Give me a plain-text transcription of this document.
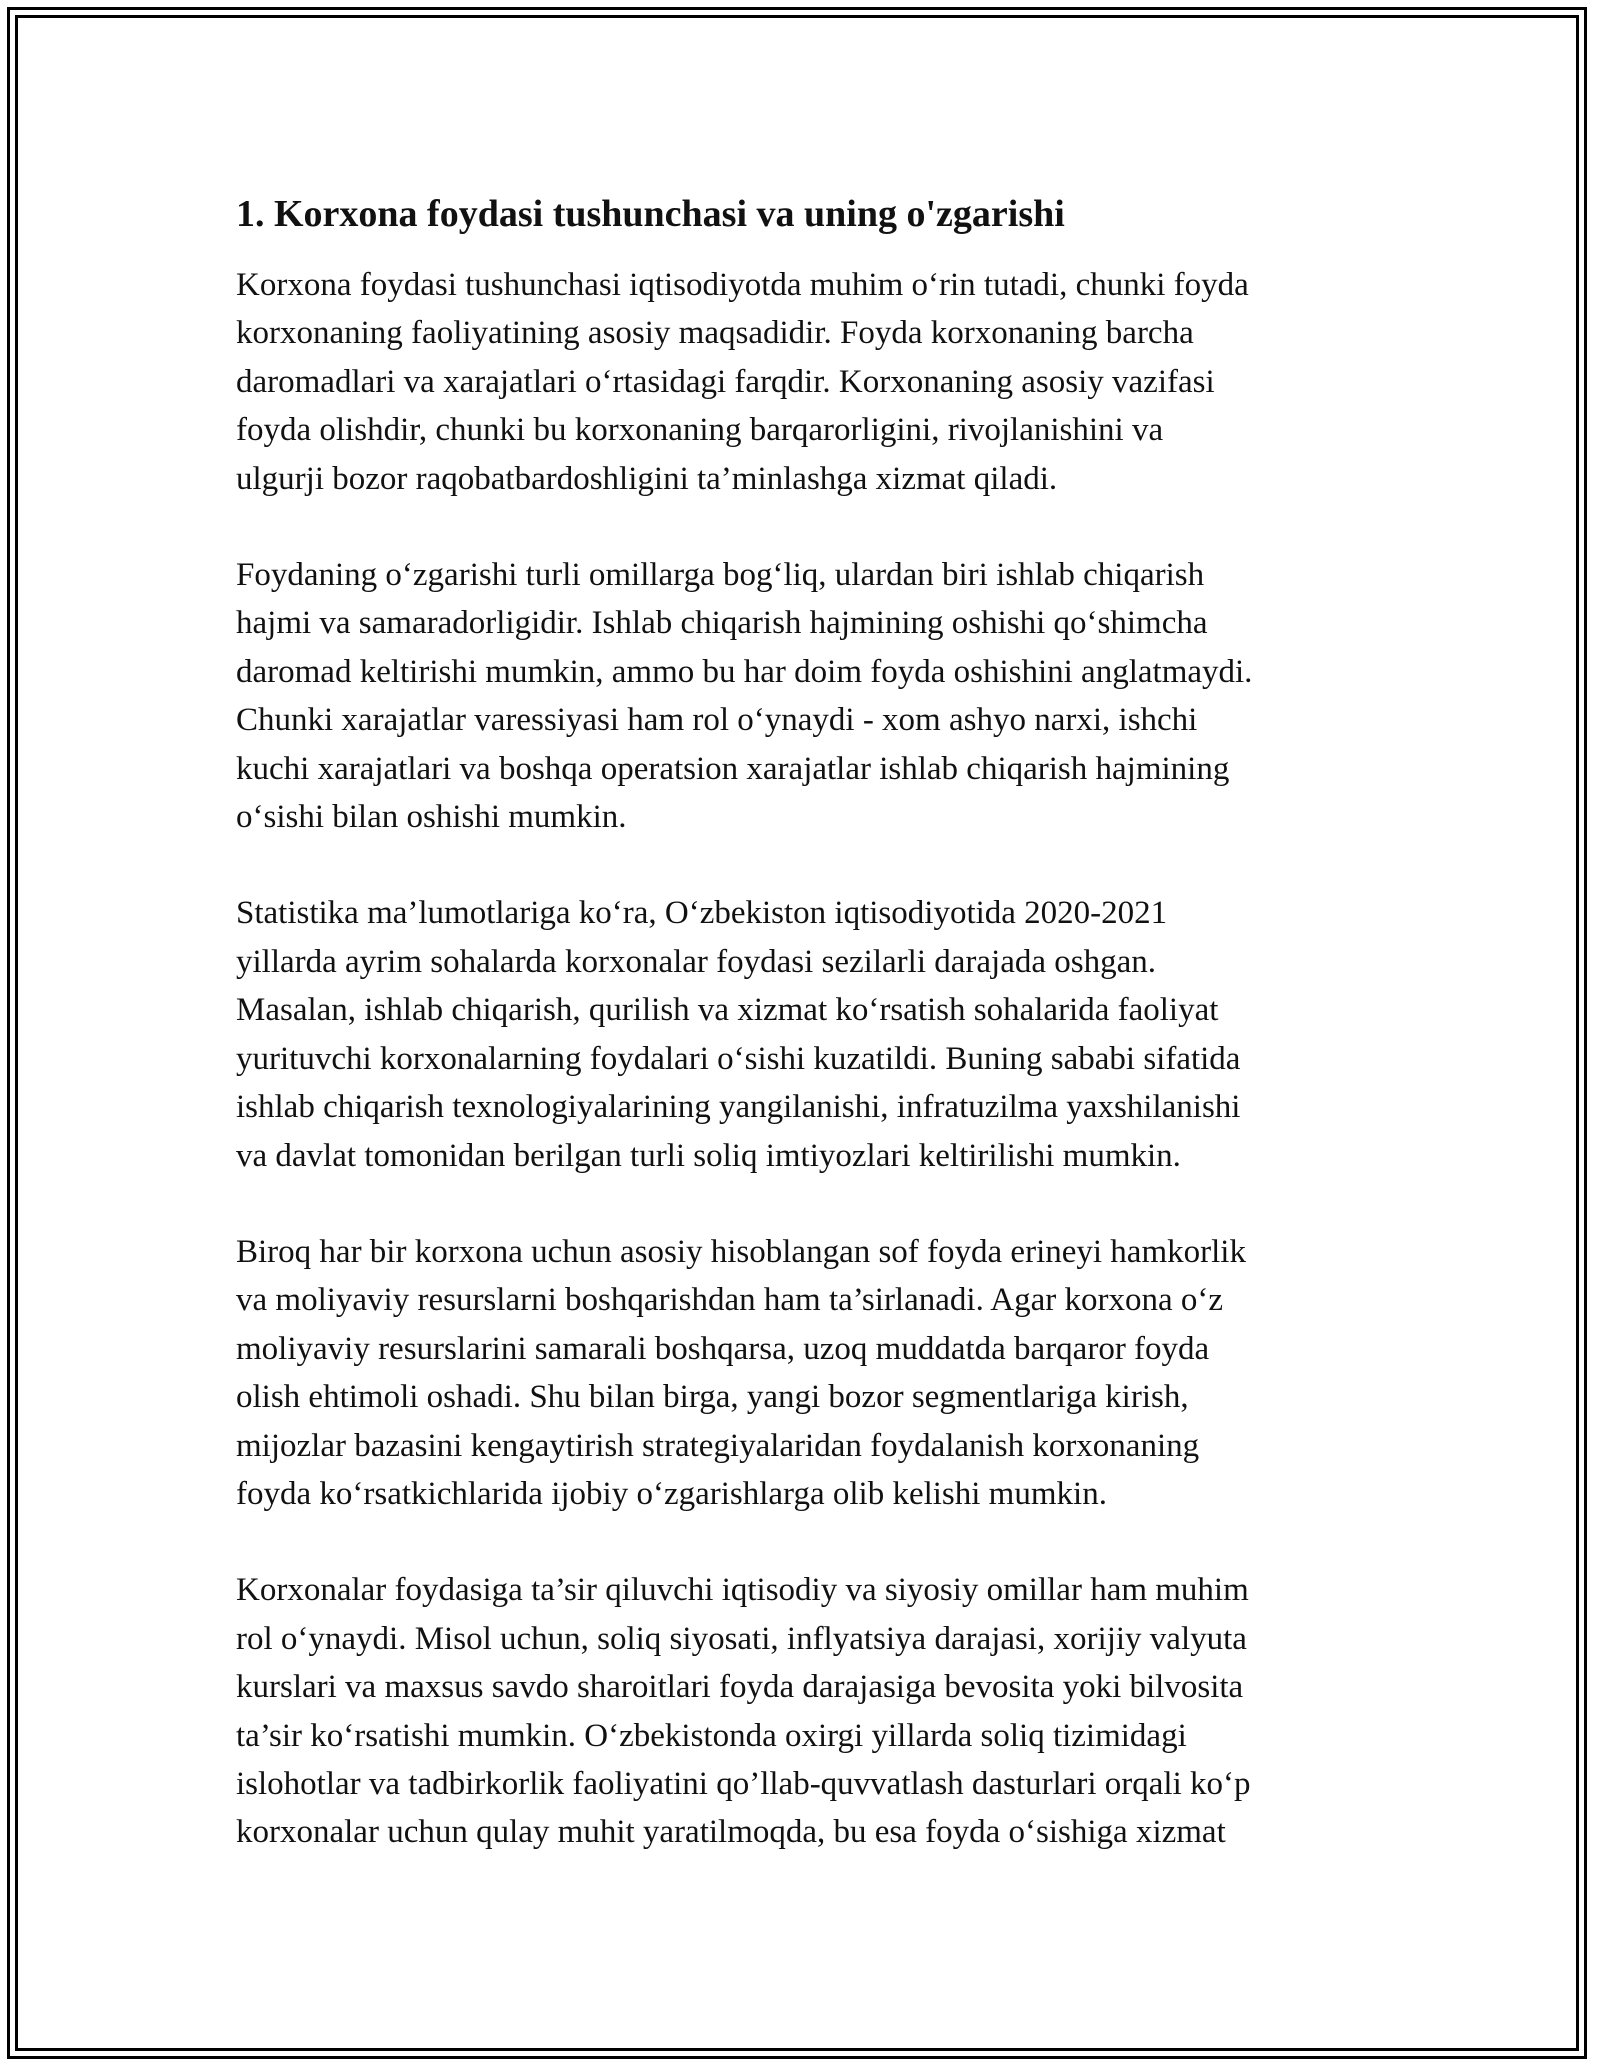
1. Korxona foydasi tushunchasi va uning o'zgarishi

Korxona foydasi tushunchasi iqtisodiyotda muhim o‘rin tutadi, chunki foyda
korxonaning faoliyatining asosiy maqsadidir. Foyda korxonaning barcha
daromadlari va xarajatlari o‘rtasidagi farqdir. Korxonaning asosiy vazifasi
foyda olishdir, chunki bu korxonaning barqarorligini, rivojlanishini va
ulgurji bozor raqobatbardoshligini ta’minlashga xizmat qiladi.

Foydaning o‘zgarishi turli omillarga bog‘liq, ulardan biri ishlab chiqarish
hajmi va samaradorligidir. Ishlab chiqarish hajmining oshishi qo‘shimcha
daromad keltirishi mumkin, ammo bu har doim foyda oshishini anglatmaydi.
Chunki xarajatlar varessiyasi ham rol o‘ynaydi - xom ashyo narxi, ishchi
kuchi xarajatlari va boshqa operatsion xarajatlar ishlab chiqarish hajmining
o‘sishi bilan oshishi mumkin.

Statistika ma’lumotlariga ko‘ra, O‘zbekiston iqtisodiyotida 2020-2021
yillarda ayrim sohalarda korxonalar foydasi sezilarli darajada oshgan.
Masalan, ishlab chiqarish, qurilish va xizmat ko‘rsatish sohalarida faoliyat
yurituvchi korxonalarning foydalari o‘sishi kuzatildi. Buning sababi sifatida
ishlab chiqarish texnologiyalarining yangilanishi, infratuzilma yaxshilanishi
va davlat tomonidan berilgan turli soliq imtiyozlari keltirilishi mumkin.

Biroq har bir korxona uchun asosiy hisoblangan sof foyda erineyi hamkorlik
va moliyaviy resurslarni boshqarishdan ham ta’sirlanadi. Agar korxona o‘z
moliyaviy resurslarini samarali boshqarsa, uzoq muddatda barqaror foyda
olish ehtimoli oshadi. Shu bilan birga, yangi bozor segmentlariga kirish,
mijozlar bazasini kengaytirish strategiyalaridan foydalanish korxonaning
foyda ko‘rsatkichlarida ijobiy o‘zgarishlarga olib kelishi mumkin.

Korxonalar foydasiga ta’sir qiluvchi iqtisodiy va siyosiy omillar ham muhim
rol o‘ynaydi. Misol uchun, soliq siyosati, inflyatsiya darajasi, xorijiy valyuta
kurslari va maxsus savdo sharoitlari foyda darajasiga bevosita yoki bilvosita
ta’sir ko‘rsatishi mumkin. O‘zbekistonda oxirgi yillarda soliq tizimidagi
islohotlar va tadbirkorlik faoliyatini qo’llab-quvvatlash dasturlari orqali ko‘p
korxonalar uchun qulay muhit yaratilmoqda, bu esa foyda o‘sishiga xizmat
